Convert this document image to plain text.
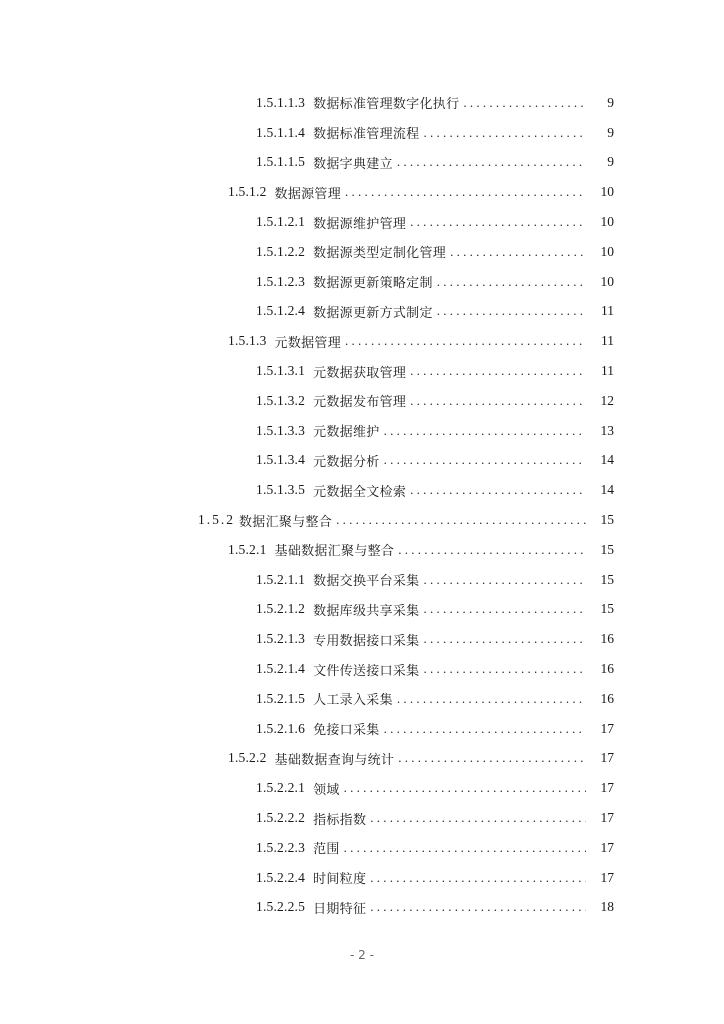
1.5.1.1.3 数据标准管理数字化执行 . . .	9
1.5.1.1.4 数据标准管理流程 . . .	9
1.5.1.1.5 数据字典建立 . . .	9
1.5.1.2 数据源管理 . . .	10
1.5.1.2.1 数据源维护管理 . . .	10
1.5.1.2.2 数据源类型定制化管理 . . .	10
1.5.1.2.3 数据源更新策略定制 . . .	10
1.5.1.2.4 数据源更新方式制定 . . .	11
1.5.1.3 元数据管理 . . .	11
1.5.1.3.1 元数据获取管理 . . .	11
1.5.1.3.2 元数据发布管理 . . .	12
1.5.1.3.3 元数据维护 . . .	13
1.5.1.3.4 元数据分析 . . .	14
1.5.1.3.5 元数据全文检索 . . .	14
1.5.2 数据汇聚与整合 . . .	15
1.5.2.1 基础数据汇聚与整合 . . .	15
1.5.2.1.1 数据交换平台采集 . . .	15
1.5.2.1.2 数据库级共享采集 . . .	15
1.5.2.1.3 专用数据接口采集 . . .	16
1.5.2.1.4 文件传送接口采集 . . .	16
1.5.2.1.5 人工录入采集 . . .	16
1.5.2.1.6 免接口采集 . . .	17
1.5.2.2 基础数据查询与统计 . . .	17
1.5.2.2.1 领域 . . .	17
1.5.2.2.2 指标指数 . . .	17
1.5.2.2.3 范围 . . .	17
1.5.2.2.4 时间粒度 . . .	17
1.5.2.2.5 日期特征 . . .	18
- 2 -
